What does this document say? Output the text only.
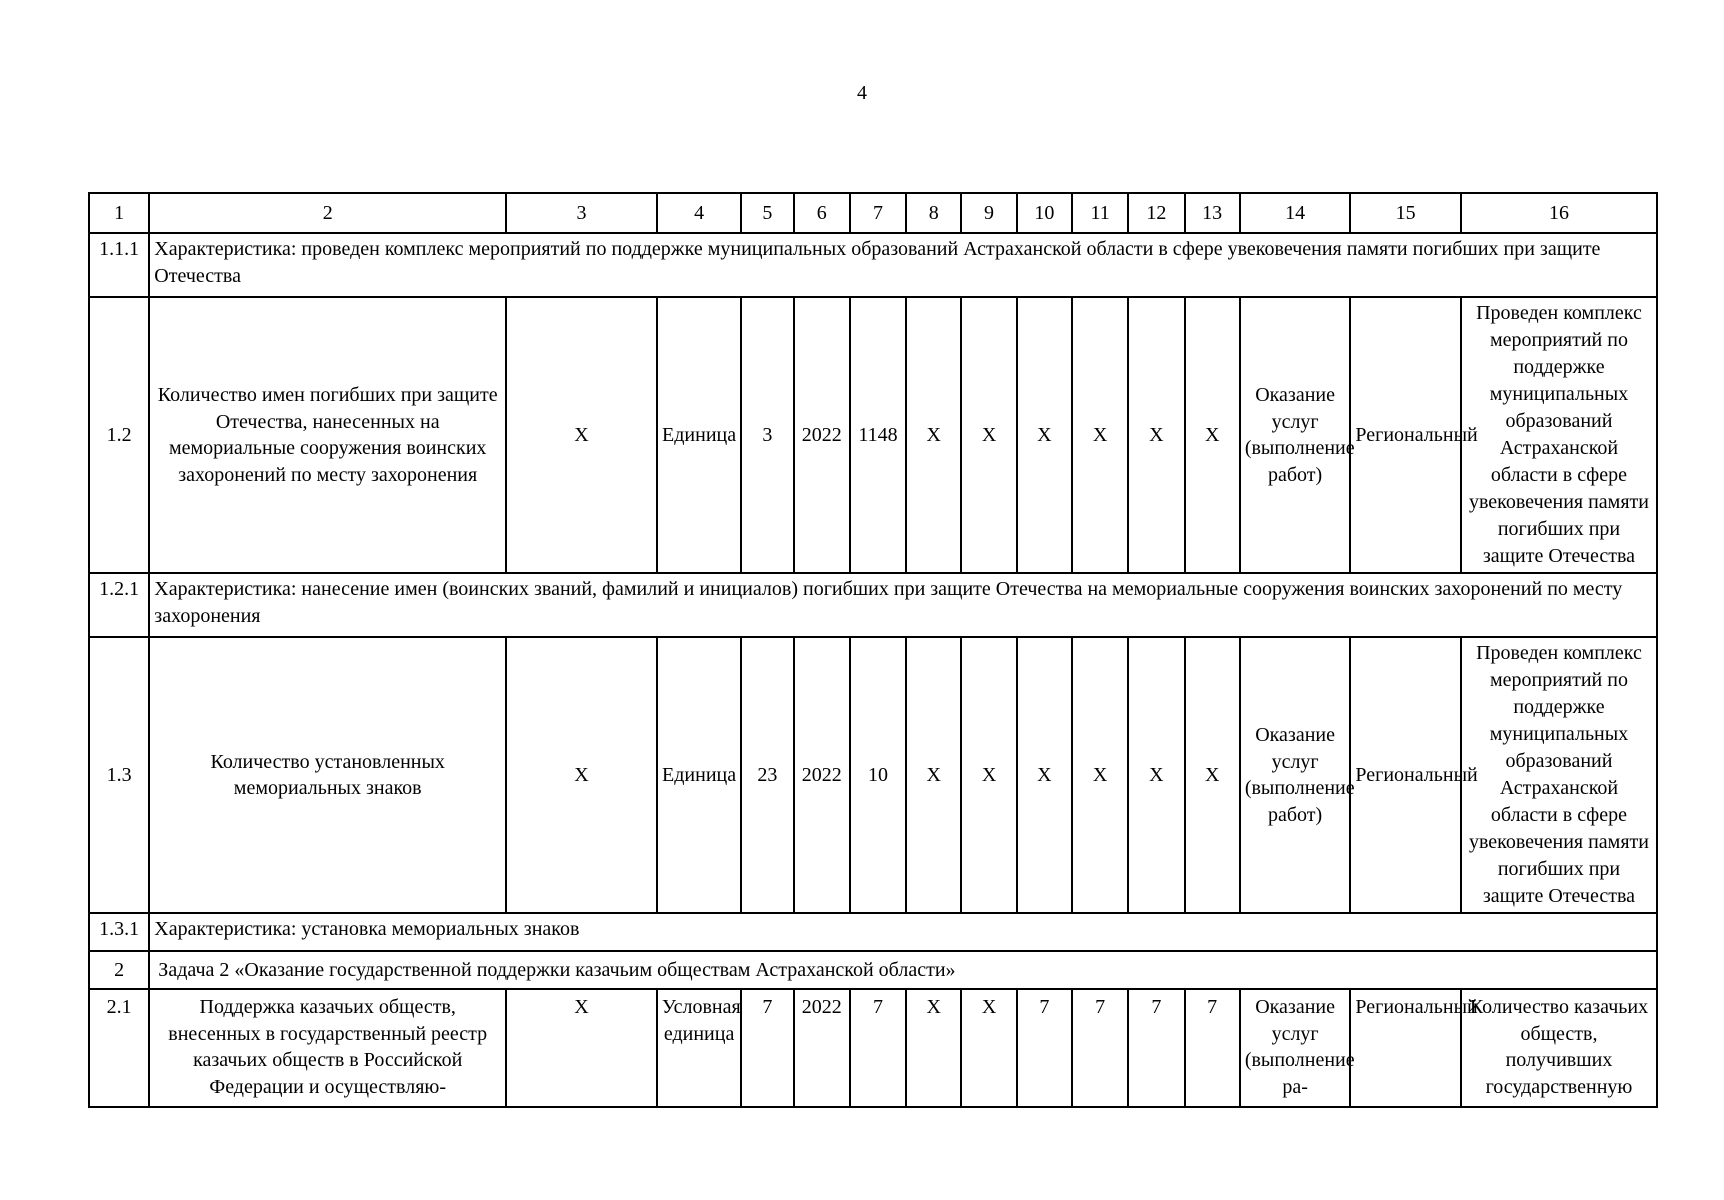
4
1	2	3	4	5	6	7	8	9	10	11	12	13	14	15	16
1.1.1	Характеристика: проведен комплекс мероприятий по поддержке муниципальных образований Астраханской области в сфере увековечения памяти погибших при защите Отечества														
1.2	Количество имен погибших при защите Отечества, нанесенных на мемориальные сооружения воинских захоронений по месту захоронения	X	Единица	3	2022	1148	X	X	X	X	X	X	Оказание услуг (выполнение работ)	Региональный	Проведен комплекс мероприятий по поддержке муниципальных образований Астраханской области в сфере увековечения памяти погибших при защите Отечества
1.2.1	Характеристика: нанесение имен (воинских званий, фамилий и инициалов) погибших при защите Отечества на мемориальные сооружения воинских захоронений по месту захоронения														
1.3	Количество установленных мемориальных знаков	X	Единица	23	2022	10	X	X	X	X	X	X	Оказание услуг (выполнение работ)	Региональный	Проведен комплекс мероприятий по поддержке муниципальных образований Астраханской области в сфере увековечения памяти погибших при защите Отечества
1.3.1	Характеристика: установка мемориальных знаков														
2	Задача 2 «Оказание государственной поддержки казачьим обществам Астраханской области»														
2.1	Поддержка казачьих обществ, внесенных в государственный реестр казачьих обществ в Российской Федерации и осуществляю-	X	Условная единица	7	2022	7	X	X	7	7	7	7	Оказание услуг (выполнение ра-	Региональный	Количество казачьих обществ, получивших государственную
